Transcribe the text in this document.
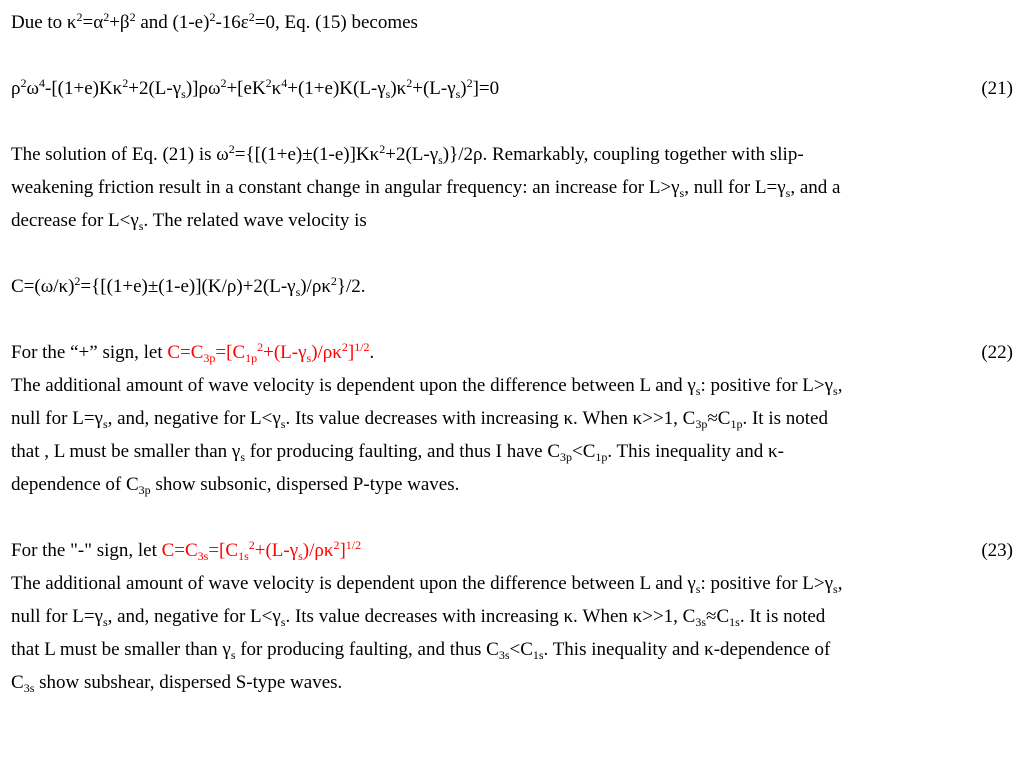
Due to $\kappa^2=\alpha^2+\beta^2$ and $(1-e)^2-16\varepsilon^2=0$, Eq. (15) becomes
$\rho^2\omega^4-[(1+e)K\kappa^2+2(L-\gamma_s)]\rho\omega^2+[eK^2\kappa^4+(1+e)K(L-\gamma_s)\kappa^2+(L-\gamma_s)^2]=0$	(21)
The solution of Eq. (21) is $\omega^2=\{[(1+e)\pm(1-e)]K\kappa^2+2(L-\gamma_s)\}/2\rho$. Remarkably, coupling together with slip-
weakening friction result in a constant change in angular frequency: an increase for $L>\gamma_s$, null for $L=\gamma_s$, and a
decrease for $L<\gamma_s$. The related wave velocity is
$C=(\omega/\kappa)^2=\{[(1+e)\pm(1-e)](K/\rho)+2(L-\gamma_s)/\rho\kappa^2\}/2$.
For the “+” sign, let $C=C_{3p}=[C_{1p}^2+(L-\gamma_s)/\rho\kappa^2]^{1/2}$.	(22)
The additional amount of wave velocity is dependent upon the difference between L and $\gamma_s$: positive for $L>\gamma_s$,
null for $L=\gamma_s$, and, negative for $L<\gamma_s$. Its value decreases with increasing κ. When κ>>1, $C_{3p}\approx C_{1p}$. It is noted
that , L must be smaller than $\gamma_s$ for producing faulting, and thus I have $C_{3p}<C_{1p}$. This inequality and κ-
dependence of $C_{3p}$ show subsonic, dispersed P-type waves.
For the "-" sign, let $C=C_{3s}=[C_{1s}^2+(L-\gamma_s)/\rho\kappa^2]^{1/2}$	(23)
The additional amount of wave velocity is dependent upon the difference between L and $\gamma_s$: positive for $L>\gamma_s$,
null for $L=\gamma_s$, and, negative for $L<\gamma_s$. Its value decreases with increasing κ. When κ>>1, $C_{3s}\approx C_{1s}$. It is noted
that L must be smaller than $\gamma_s$ for producing faulting, and thus $C_{3s}<C_{1s}$. This inequality and κ-dependence of
$C_{3s}$ show subshear, dispersed S-type waves.
